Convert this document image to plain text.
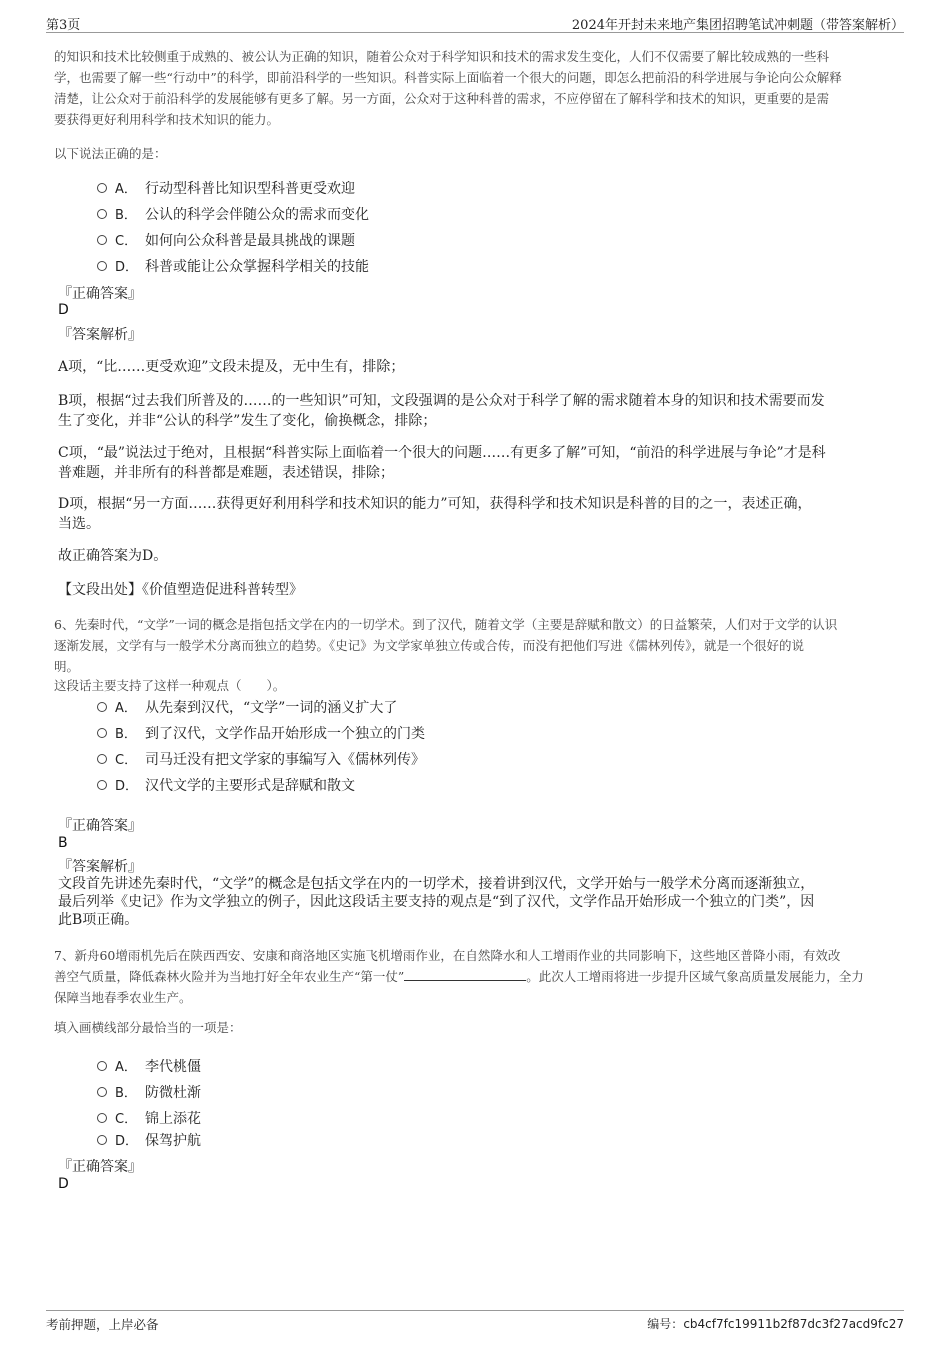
第3页	2024年开封未来地产集团招聘笔试冲刺题（带答案解析）
的知识和技术比较侧重于成熟的、被公认为正确的知识，随着公众对于科学知识和技术的需求发生变化，人们不仅需要了解比较成熟的一些科
学，也需要了解一些“行动中”的科学，即前沿科学的一些知识。科普实际上面临着一个很大的问题，即怎么把前沿的科学进展与争论向公众解释
清楚，让公众对于前沿科学的发展能够有更多了解。另一方面，公众对于这种科普的需求，不应停留在了解科学和技术的知识，更重要的是需
要获得更好利用科学和技术知识的能力。
以下说法正确的是：
A． 行动型科普比知识型科普更受欢迎
B． 公认的科学会伴随公众的需求而变化
C． 如何向公众科普是最具挑战的课题
D． 科普或能让公众掌握科学相关的技能
『正确答案』
D
『答案解析』
A项，“比……更受欢迎”文段未提及，无中生有，排除；
B项，根据“过去我们所普及的……的一些知识”可知，文段强调的是公众对于科学了解的需求随着本身的知识和技术需要而发
生了变化，并非“公认的科学”发生了变化，偷换概念，排除；
C项，“最”说法过于绝对，且根据“科普实际上面临着一个很大的问题……有更多了解”可知，“前沿的科学进展与争论”才是科
普难题，并非所有的科普都是难题，表述错误，排除；
D项，根据“另一方面……获得更好利用科学和技术知识的能力”可知，获得科学和技术知识是科普的目的之一，表述正确，
当选。
故正确答案为D。
【文段出处】《价值塑造促进科普转型》
6、先秦时代，“文学”一词的概念是指包括文学在内的一切学术。到了汉代，随着文学（主要是辞赋和散文）的日益繁荣，人们对于文学的认识
逐渐发展，文学有与一般学术分离而独立的趋势。《史记》为文学家单独立传或合传，而没有把他们写进《儒林列传》，就是一个很好的说
明。
这段话主要支持了这样一种观点（　　）。
A． 从先秦到汉代，“文学”一词的涵义扩大了
B． 到了汉代，文学作品开始形成一个独立的门类
C． 司马迁没有把文学家的事编写入《儒林列传》
D． 汉代文学的主要形式是辞赋和散文
『正确答案』
B
『答案解析』
文段首先讲述先秦时代，“文学”的概念是包括文学在内的一切学术，接着讲到汉代，文学开始与一般学术分离而逐渐独立，
最后列举《史记》作为文学独立的例子，因此这段话主要支持的观点是“到了汉代，文学作品开始形成一个独立的门类”，因
此B项正确。
7、新舟60增雨机先后在陕西西安、安康和商洛地区实施飞机增雨作业，在自然降水和人工增雨作业的共同影响下，这些地区普降小雨，有效改
善空气质量，降低森林火险并为当地打好全年农业生产“第一仗”	。此次人工增雨将进一步提升区域气象高质量发展能力，全力
保障当地春季农业生产。
填入画横线部分最恰当的一项是：
A． 李代桃僵
B． 防微杜渐
C． 锦上添花
D． 保驾护航
『正确答案』
D
考前押题，上岸必备	编号：cb4cf7fc19911b2f87dc3f27acd9fc27
